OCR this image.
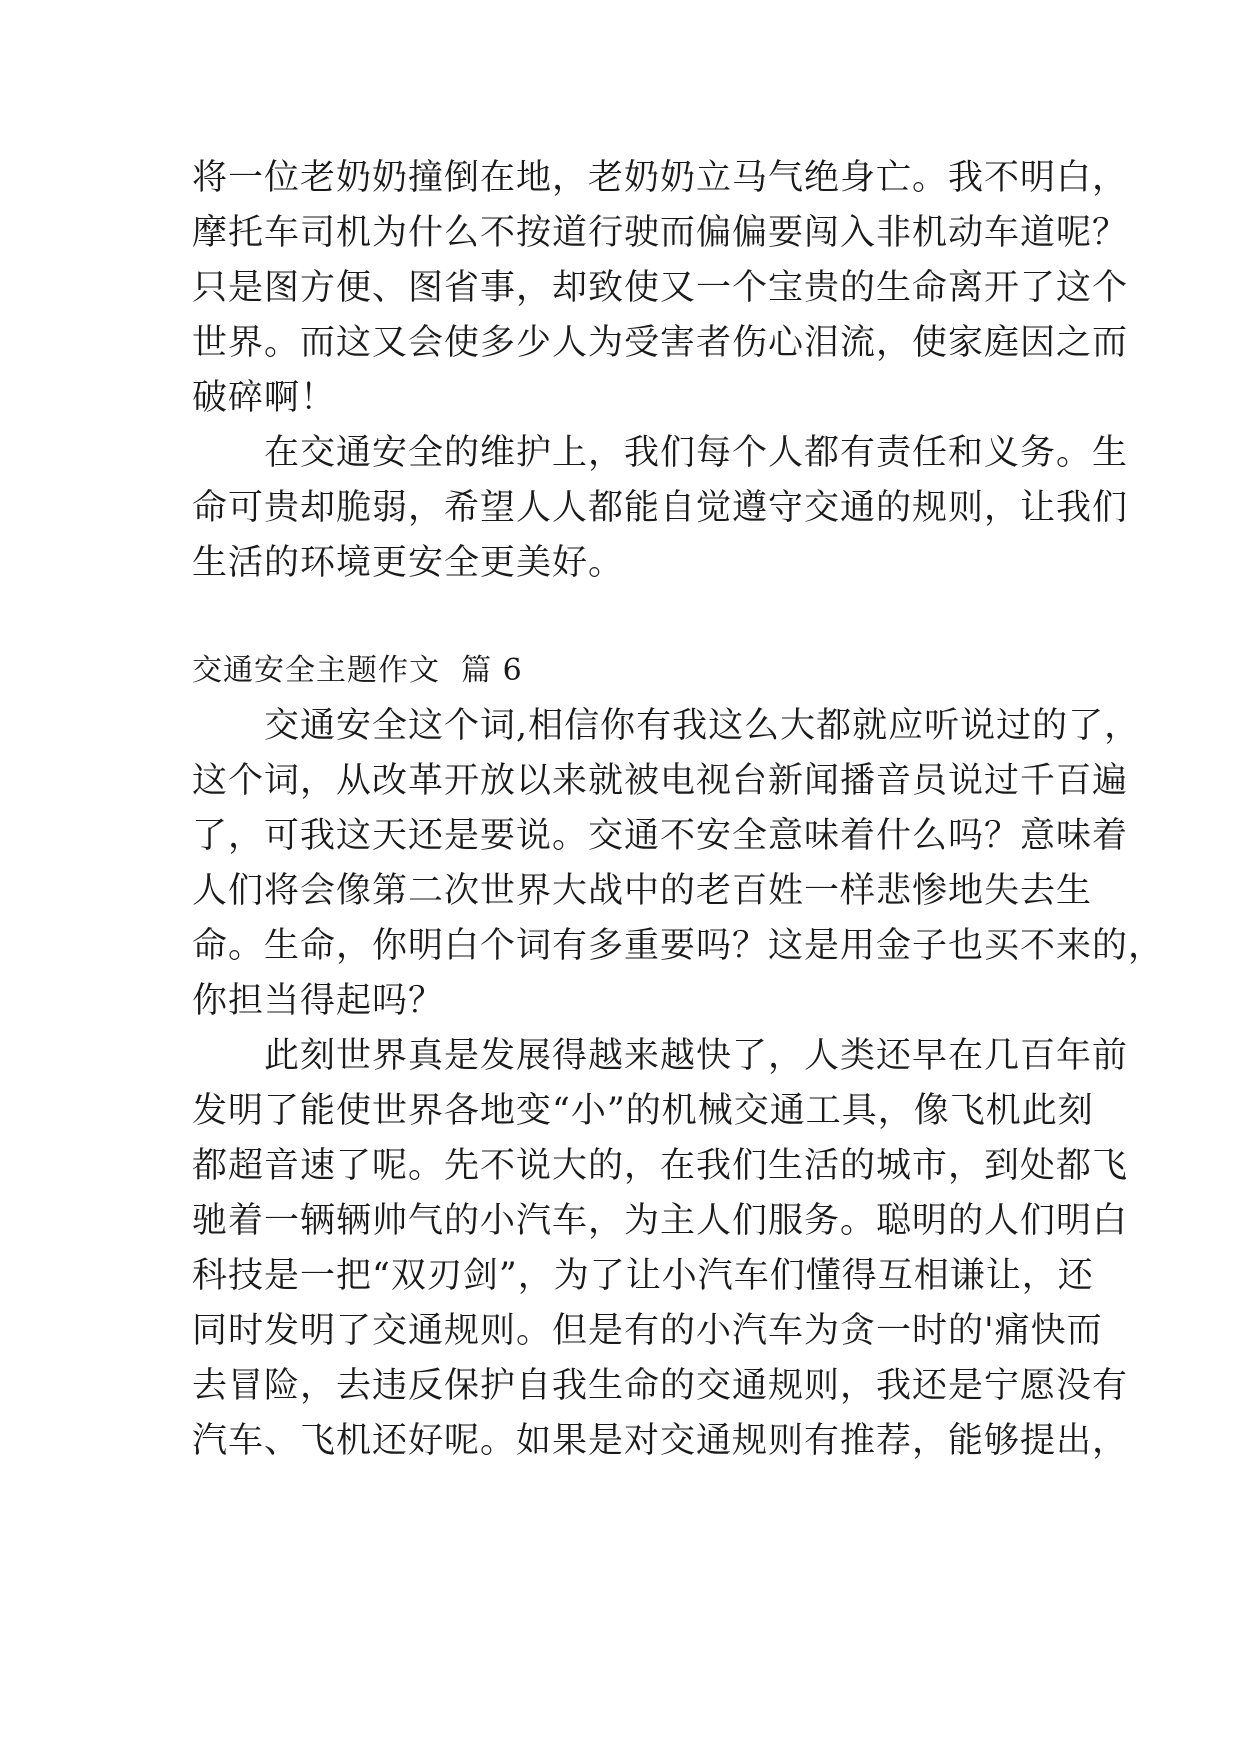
将一位老奶奶撞倒在地，老奶奶立马气绝身亡。我不明白，
摩托车司机为什么不按道行驶而偏偏要闯入非机动车道呢？
只是图方便、图省事，却致使又一个宝贵的生命离开了这个
世界。而这又会使多少人为受害者伤心泪流，使家庭因之而
破碎啊！
　　在交通安全的维护上，我们每个人都有责任和义务。生
命可贵却脆弱，希望人人都能自觉遵守交通的规则，让我们
生活的环境更安全更美好。
交通安全主题作文  篇 6
　　交通安全这个词,相信你有我这么大都就应听说过的了，
这个词，从改革开放以来就被电视台新闻播音员说过千百遍
了，可我这天还是要说。交通不安全意味着什么吗？意味着
人们将会像第二次世界大战中的老百姓一样悲惨地失去生
命。生命，你明白个词有多重要吗？这是用金子也买不来的，
你担当得起吗？
　　此刻世界真是发展得越来越快了，人类还早在几百年前
发明了能使世界各地变“小”的机械交通工具，像飞机此刻
都超音速了呢。先不说大的，在我们生活的城市，到处都飞
驰着一辆辆帅气的小汽车，为主人们服务。聪明的人们明白
科技是一把“双刃剑”，为了让小汽车们懂得互相谦让，还
同时发明了交通规则。但是有的小汽车为贪一时的'痛快而
去冒险，去违反保护自我生命的交通规则，我还是宁愿没有
汽车、飞机还好呢。如果是对交通规则有推荐，能够提出，
